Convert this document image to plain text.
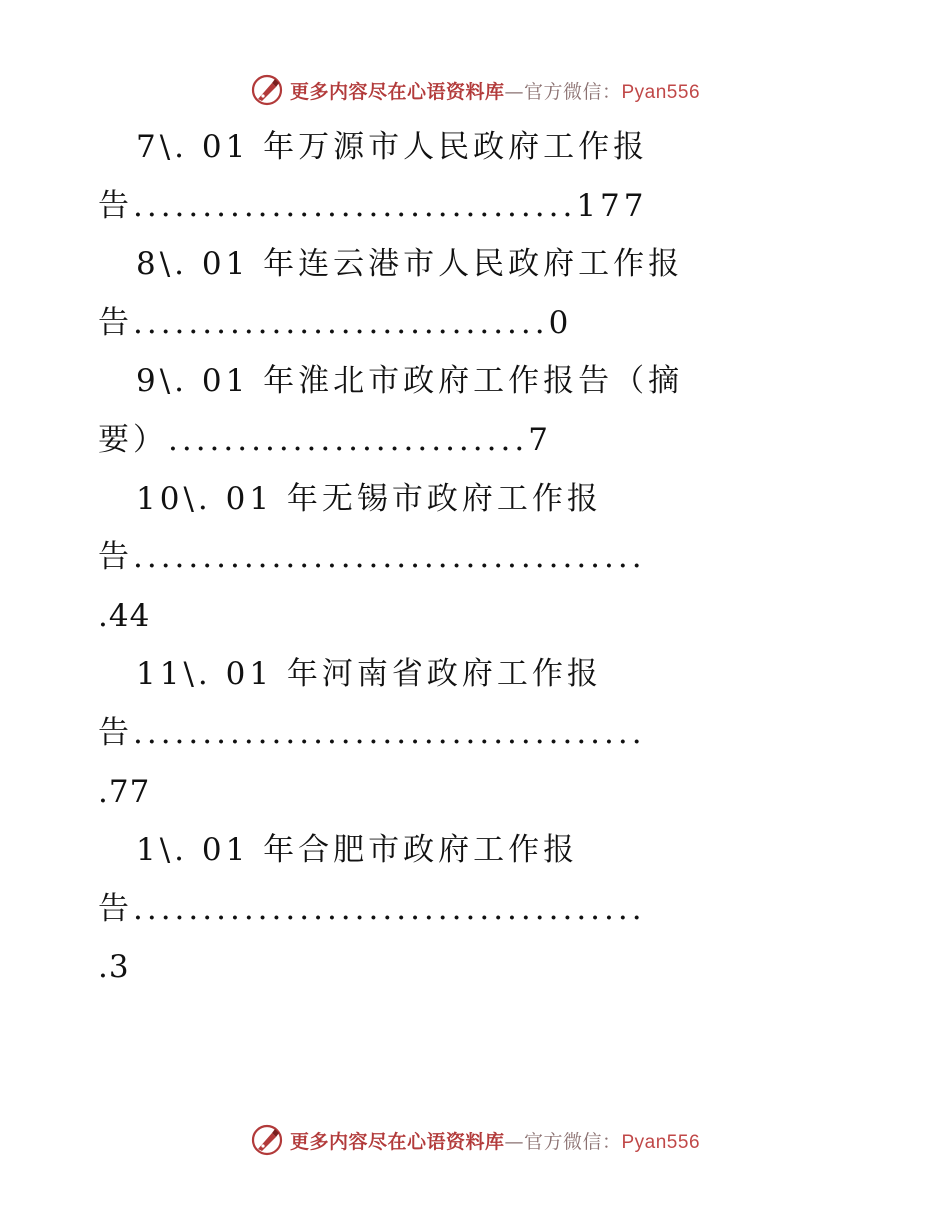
更多内容尽在心语资料库—官方微信：Pyan556
7\. 01 年万源市人民政府工作报
告................................177
8\. 01 年连云港市人民政府工作报
告..............................0
9\. 01 年淮北市政府工作报告（摘
要）..........................7
10\. 01 年无锡市政府工作报
告.....................................
.44
11\. 01 年河南省政府工作报
告.....................................
.77
1\. 01 年合肥市政府工作报
告.....................................
.3
更多内容尽在心语资料库—官方微信：Pyan556
